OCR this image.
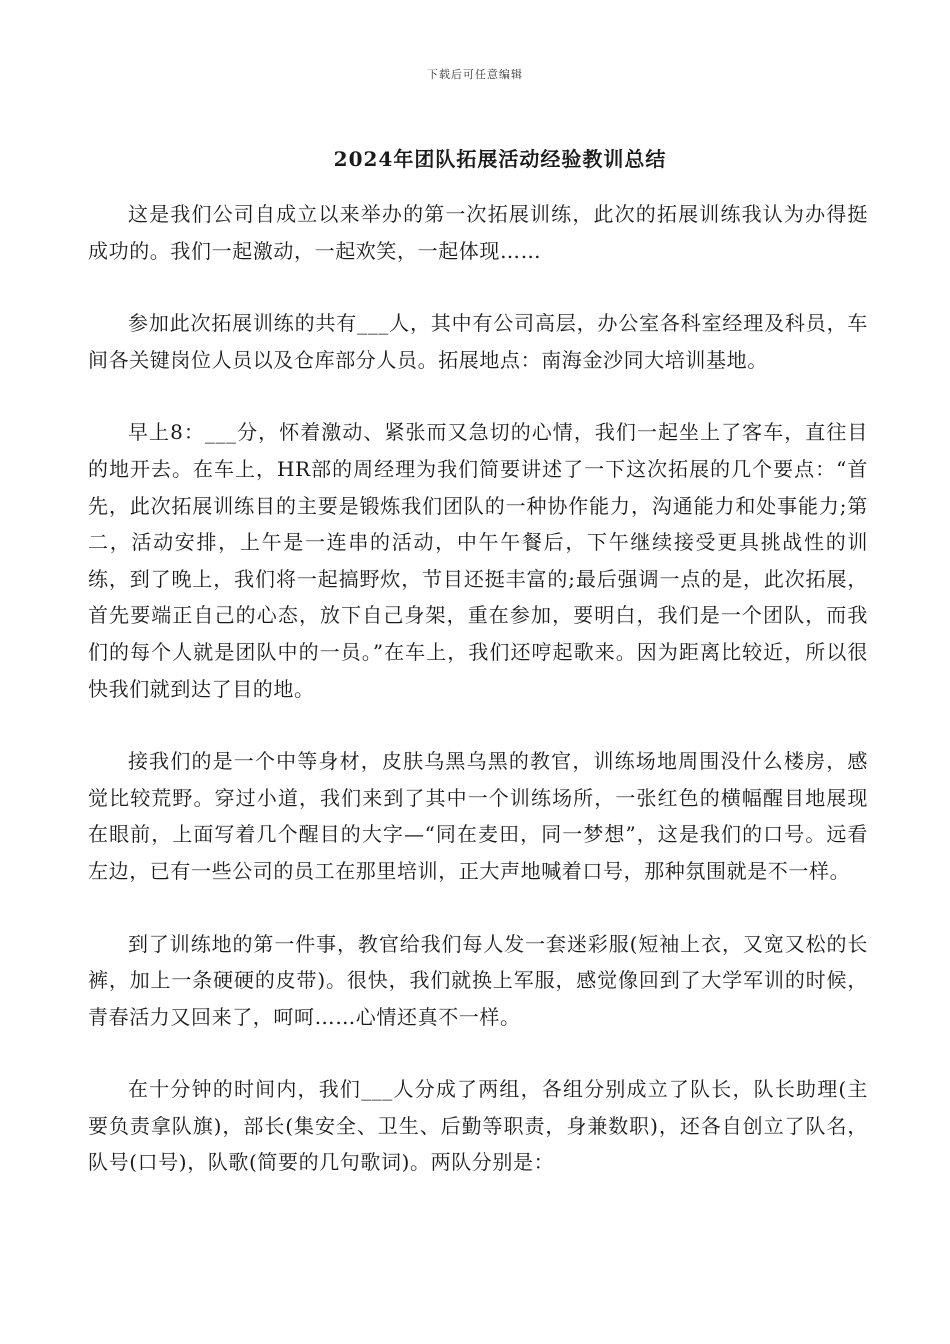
下载后可任意编辑
2024年团队拓展活动经验教训总结

这是我们公司自成立以来举办的第一次拓展训练，此次的拓展训练我认为办得挺成功的。我们一起激动，一起欢笑，一起体现……

参加此次拓展训练的共有___人，其中有公司高层，办公室各科室经理及科员，车间各关键岗位人员以及仓库部分人员。拓展地点：南海金沙同大培训基地。

早上8：___分，怀着激动、紧张而又急切的心情，我们一起坐上了客车，直往目的地开去。在车上，HR部的周经理为我们简要讲述了一下这次拓展的几个要点：“首先，此次拓展训练目的主要是锻炼我们团队的一种协作能力，沟通能力和处事能力;第二，活动安排，上午是一连串的活动，中午午餐后，下午继续接受更具挑战性的训练，到了晚上，我们将一起搞野炊，节目还挺丰富的;最后强调一点的是，此次拓展，首先要端正自己的心态，放下自己身架，重在参加，要明白，我们是一个团队，而我们的每个人就是团队中的一员。”在车上，我们还哼起歌来。因为距离比较近，所以很快我们就到达了目的地。

接我们的是一个中等身材，皮肤乌黑乌黑的教官，训练场地周围没什么楼房，感觉比较荒野。穿过小道，我们来到了其中一个训练场所，一张红色的横幅醒目地展现在眼前，上面写着几个醒目的大字—“同在麦田，同一梦想”，这是我们的口号。远看左边，已有一些公司的员工在那里培训，正大声地喊着口号，那种氛围就是不一样。

到了训练地的第一件事，教官给我们每人发一套迷彩服(短袖上衣，又宽又松的长裤，加上一条硬硬的皮带)。很快，我们就换上军服，感觉像回到了大学军训的时候，青春活力又回来了，呵呵……心情还真不一样。

在十分钟的时间内，我们___人分成了两组，各组分别成立了队长，队长助理(主要负责拿队旗)，部长(集安全、卫生、后勤等职责，身兼数职)，还各自创立了队名，队号(口号)，队歌(简要的几句歌词)。两队分别是：
